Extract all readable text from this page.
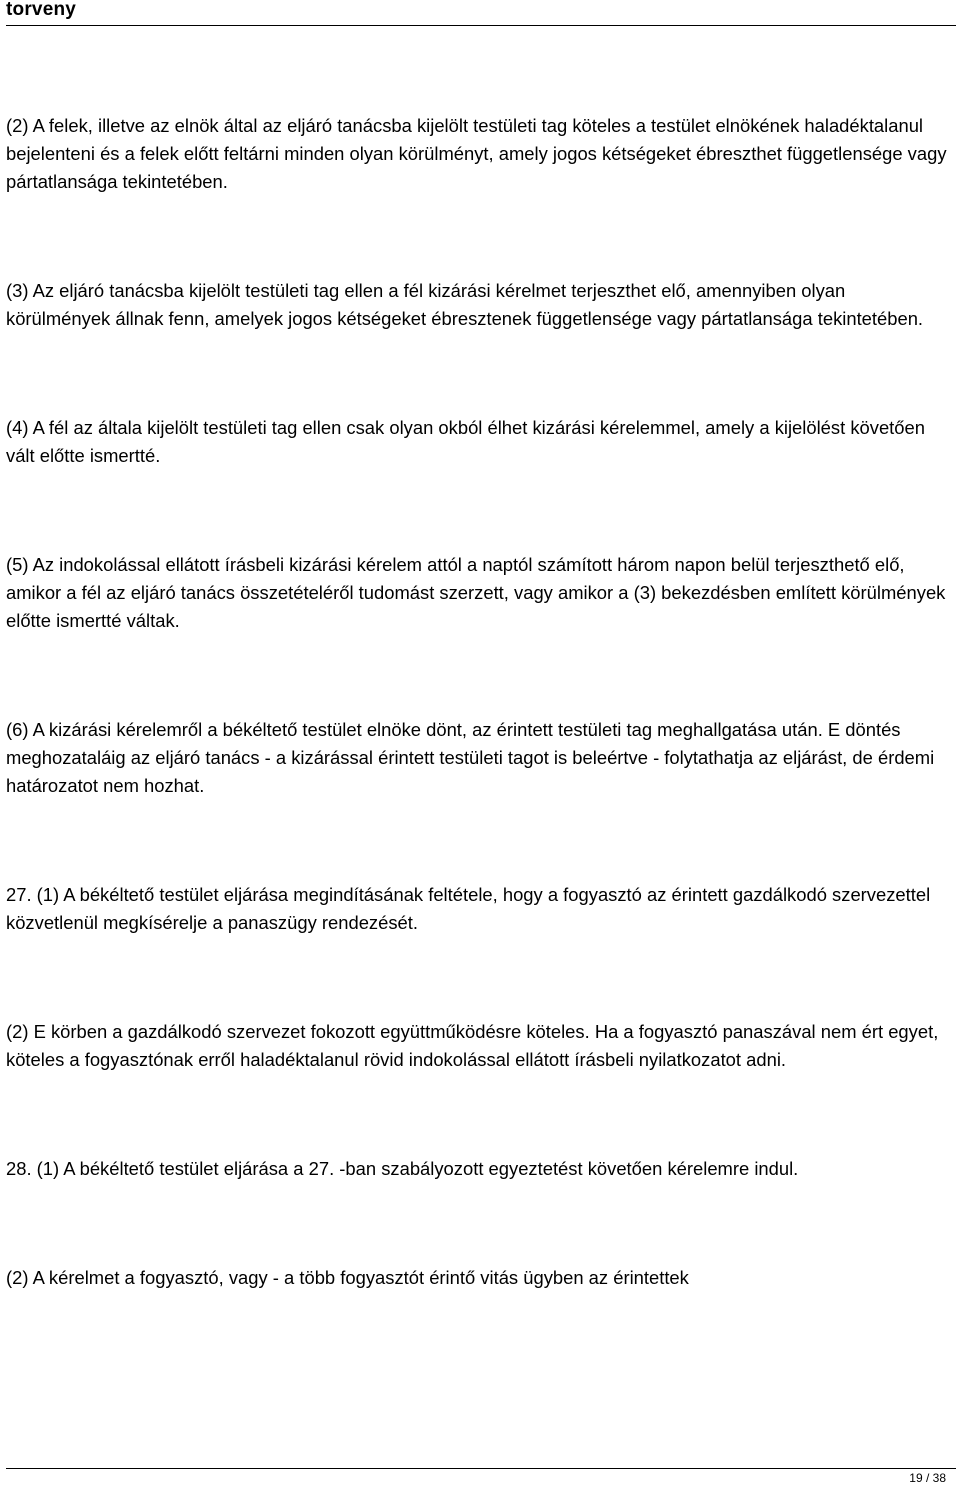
torveny

(2) A felek, illetve az elnök által az eljáró tanácsba kijelölt testületi tag köteles a testület elnökének haladéktalanul bejelenteni és a felek előtt feltárni minden olyan körülményt, amely jogos kétségeket ébreszthet függetlensége vagy pártatlansága tekintetében.

(3) Az eljáró tanácsba kijelölt testületi tag ellen a fél kizárási kérelmet terjeszthet elő, amennyiben olyan körülmények állnak fenn, amelyek jogos kétségeket ébresztenek függetlensége vagy pártatlansága tekintetében.

(4) A fél az általa kijelölt testületi tag ellen csak olyan okból élhet kizárási kérelemmel, amely a kijelölést követően vált előtte ismertté.

(5) Az indokolással ellátott írásbeli kizárási kérelem attól a naptól számított három napon belül terjeszthető elő, amikor a fél az eljáró tanács összetételéről tudomást szerzett, vagy amikor a (3) bekezdésben említett körülmények előtte ismertté váltak.

(6) A kizárási kérelemről a békéltető testület elnöke dönt, az érintett testületi tag meghallgatása után. E döntés meghozataláig az eljáró tanács - a kizárással érintett testületi tagot is beleértve - folytathatja az eljárást, de érdemi határozatot nem hozhat.

27. (1) A békéltető testület eljárása megindításának feltétele, hogy a fogyasztó az érintett gazdálkodó szervezettel közvetlenül megkísérelje a panaszügy rendezését.

(2) E körben a gazdálkodó szervezet fokozott együttműködésre köteles. Ha a fogyasztó panaszával nem ért egyet, köteles a fogyasztónak erről haladéktalanul rövid indokolással ellátott írásbeli nyilatkozatot adni.

28. (1) A békéltető testület eljárása a 27. -ban szabályozott egyeztetést követően kérelemre indul.

(2) A kérelmet a fogyasztó, vagy - a több fogyasztót érintő vitás ügyben az érintettek

19 / 38
